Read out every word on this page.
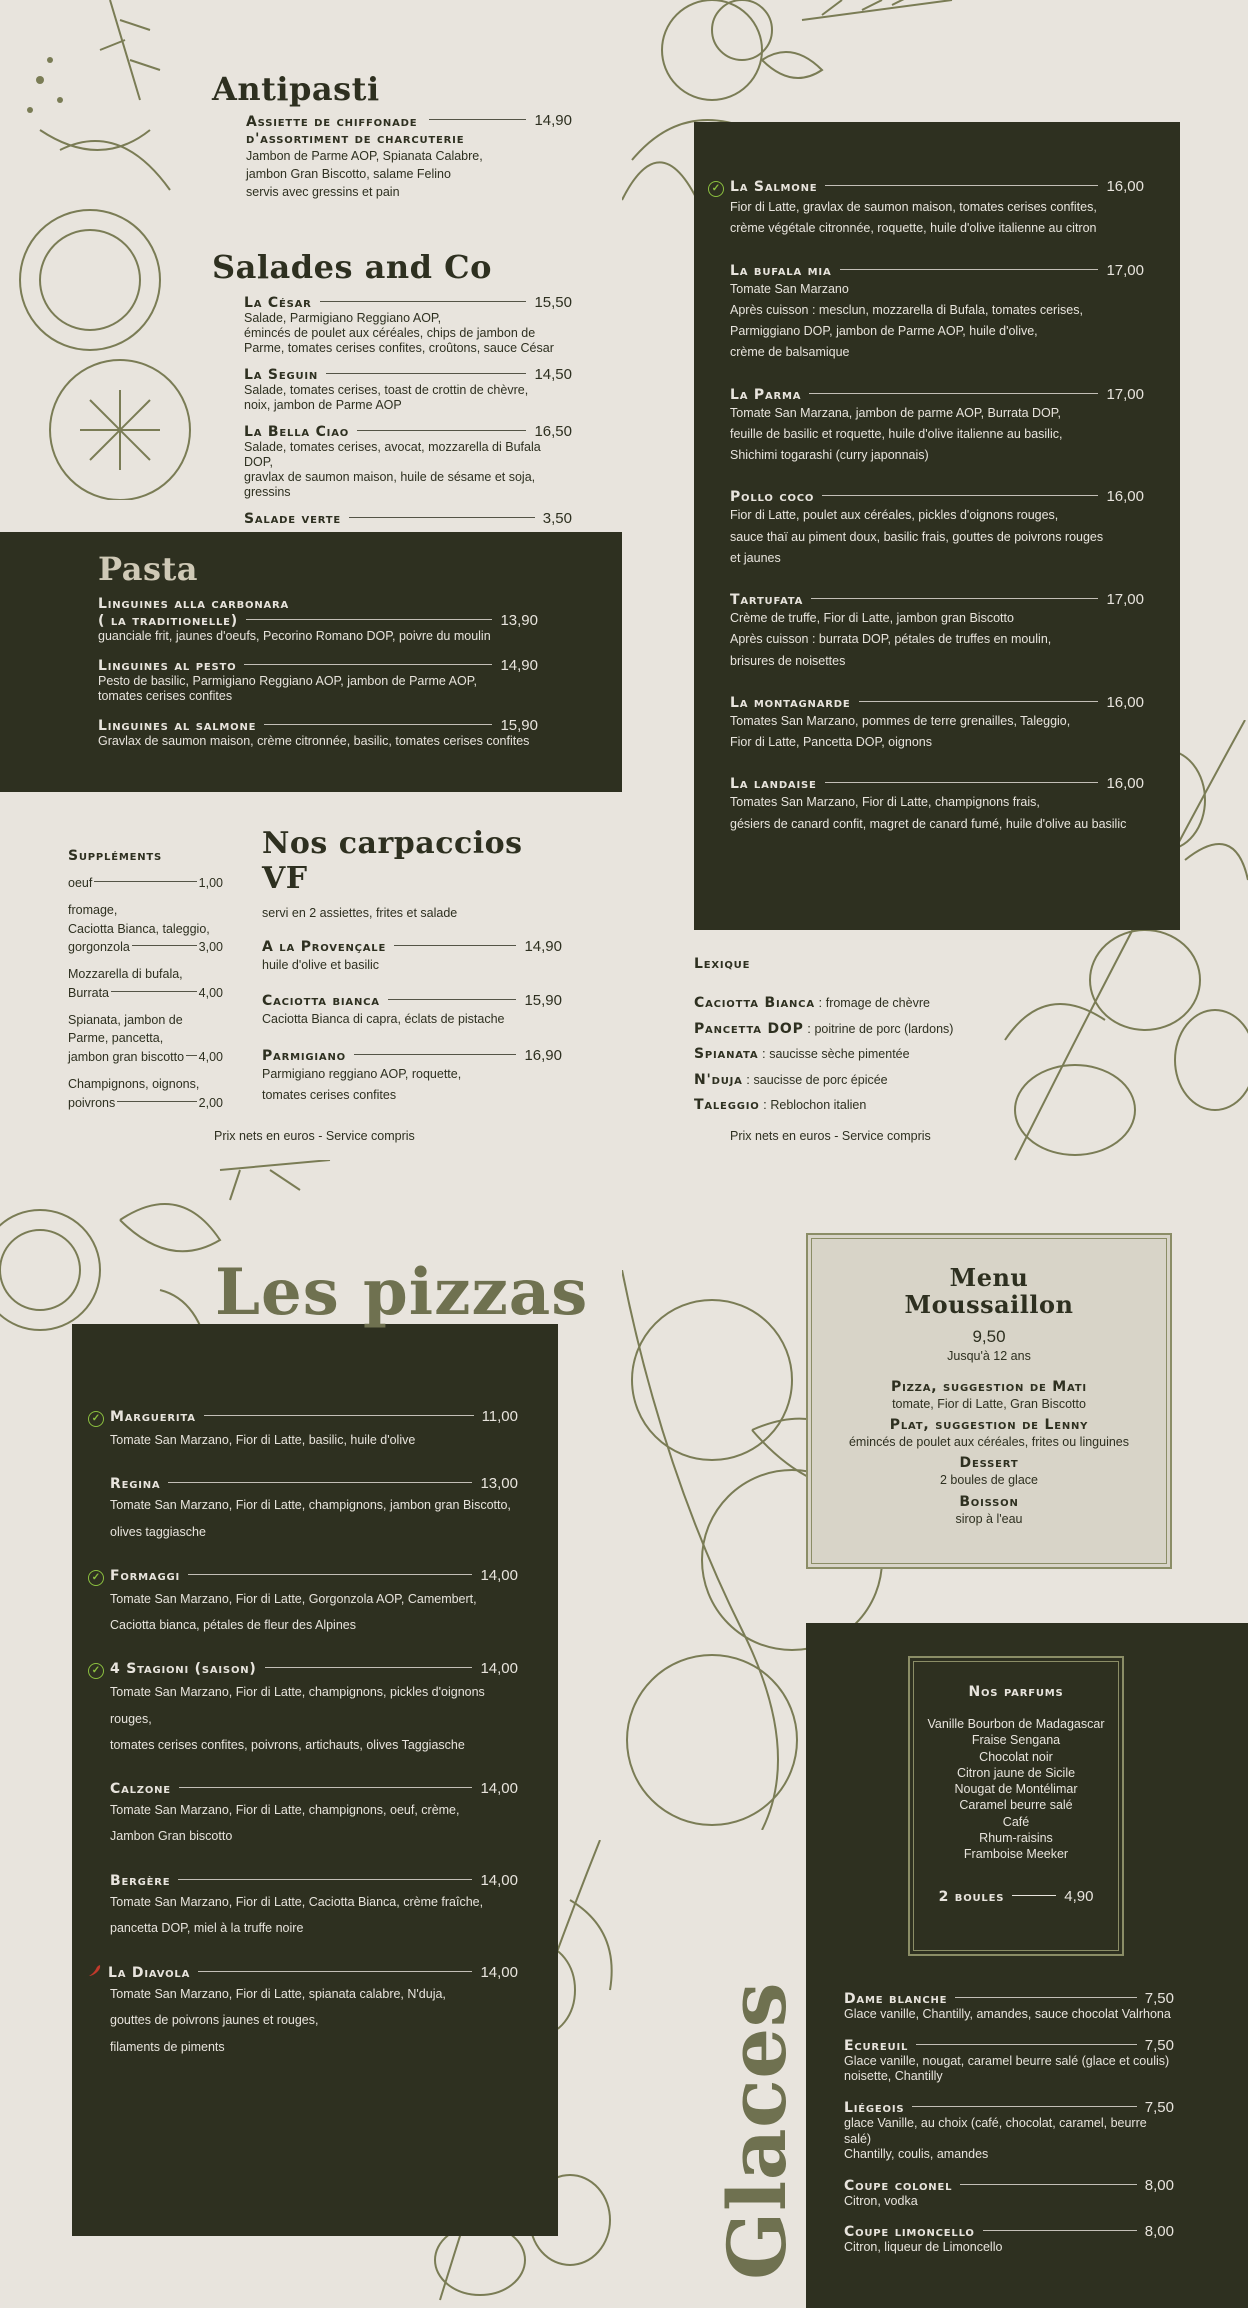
Antipasti
Assiette de chiffonade	14,90
d'assortiment de charcuterie
Jambon de Parme AOP, Spianata Calabre,
jambon Gran Biscotto, salame Felino
servis avec gressins et pain
Salades and Co
La César	15,50
Salade, Parmigiano Reggiano AOP,
émincés de poulet aux céréales, chips de jambon de
Parme, tomates cerises confites, croûtons, sauce César
La Seguin	14,50
Salade, tomates cerises, toast de crottin de chèvre,
noix, jambon de Parme AOP
La Bella Ciao	16,50
Salade, tomates cerises, avocat, mozzarella di Bufala DOP,
gravlax de saumon maison, huile de sésame et soja, gressins
Salade verte	3,50
Pasta
Linguines alla carbonara
( la traditionelle)	13,90
guanciale frit, jaunes d'oeufs, Pecorino Romano DOP, poivre du moulin
Linguines al pesto	14,90
Pesto de basilic, Parmigiano Reggiano AOP, jambon de Parme AOP,
tomates cerises confites
Linguines al salmone	15,90
Gravlax de saumon maison, crème citronnée, basilic, tomates cerises confites
Suppléments
oeuf	1,00
fromage,
Caciotta Bianca, taleggio,
gorgonzola	3,00
Mozzarella di bufala,
Burrata	4,00
Spianata, jambon de
Parme, pancetta,
jambon gran biscotto 4,00
Champignons, oignons,
poivrons	2,00
Nos carpaccios VF
servi en 2 assiettes, frites et salade
A la Provençale	14,90
huile d'olive et basilic
Caciotta bianca	15,90
Caciotta Bianca di capra, éclats de pistache
Parmigiano	16,90
Parmigiano reggiano AOP, roquette,
tomates cerises confites
Prix nets en euros - Service compris	Prix nets en euros - Service compris
✓ La Salmone	16,00
Fior di Latte, gravlax de saumon maison, tomates cerises confites,
crème végétale citronnée, roquette, huile d'olive italienne au citron
La bufala mia	17,00
Tomate San Marzano
Après cuisson : mesclun, mozzarella di Bufala, tomates cerises,
Parmiggiano DOP, jambon de Parme AOP, huile d'olive,
crème de balsamique
La Parma	17,00
Tomate San Marzana, jambon de parme AOP, Burrata DOP,
feuille de basilic et roquette, huile d'olive italienne au basilic,
Shichimi togarashi (curry japonnais)
Pollo coco	16,00
Fior di Latte, poulet aux céréales, pickles d'oignons rouges,
sauce thaï au piment doux, basilic frais, gouttes de poivrons rouges
et jaunes
Tartufata	17,00
Crème de truffe, Fior di Latte, jambon gran Biscotto
Après cuisson : burrata DOP, pétales de truffes en moulin,
brisures de noisettes
La montagnarde	16,00
Tomates San Marzano, pommes de terre grenailles, Taleggio,
Fior di Latte, Pancetta DOP, oignons
La landaise	16,00
Tomates San Marzano, Fior di Latte, champignons frais,
gésiers de canard confit, magret de canard fumé, huile d'olive au basilic
Lexique
Caciotta Bianca : fromage de chèvre
Pancetta DOP : poitrine de porc (lardons)
Spianata : saucisse sèche pimentée
N'duja : saucisse de porc épicée
Taleggio : Reblochon italien
Les pizzas
✓ Marguerita	11,00
Tomate San Marzano, Fior di Latte, basilic, huile d'olive
Regina	13,00
Tomate San Marzano, Fior di Latte, champignons, jambon gran Biscotto,
olives taggiasche
✓ Formaggi	14,00
Tomate San Marzano, Fior di Latte, Gorgonzola AOP, Camembert,
Caciotta bianca, pétales de fleur des Alpines
✓ 4 Stagioni (saison)	14,00
Tomate San Marzano, Fior di Latte, champignons, pickles d'oignons rouges,
tomates cerises confites, poivrons, artichauts, olives Taggiasche
Calzone	14,00
Tomate San Marzano, Fior di Latte, champignons, oeuf, crème,
Jambon Gran biscotto
Bergère	14,00
Tomate San Marzano, Fior di Latte, Caciotta Bianca, crème fraîche,
pancetta DOP, miel à la truffe noire
La Diavola	14,00
Tomate San Marzano, Fior di Latte, spianata calabre, N'duja,
gouttes de poivrons jaunes et rouges,
filaments de piments
Menu
Moussaillon
9,50
Jusqu'à 12 ans
Pizza, suggestion de Mati
tomate, Fior di Latte, Gran Biscotto
Plat, suggestion de Lenny
émincés de poulet aux céréales, frites ou linguines
Dessert
2 boules de glace
Boisson
sirop à l'eau
Glaces
Nos parfums
Vanille Bourbon de Madagascar
Fraise Sengana
Chocolat noir
Citron jaune de Sicile
Nougat de Montélimar
Caramel beurre salé
Café
Rhum-raisins
Framboise Meeker
2 boules	4,90
Dame blanche	7,50
Glace vanille, Chantilly, amandes, sauce chocolat Valrhona
Ecureuil	7,50
Glace vanille, nougat, caramel beurre salé (glace et coulis)
noisette, Chantilly
Liégeois	7,50
glace Vanille, au choix (café, chocolat, caramel, beurre salé)
Chantilly, coulis, amandes
Coupe colonel	8,00
Citron, vodka
Coupe limoncello	8,00
Citron, liqueur de Limoncello
